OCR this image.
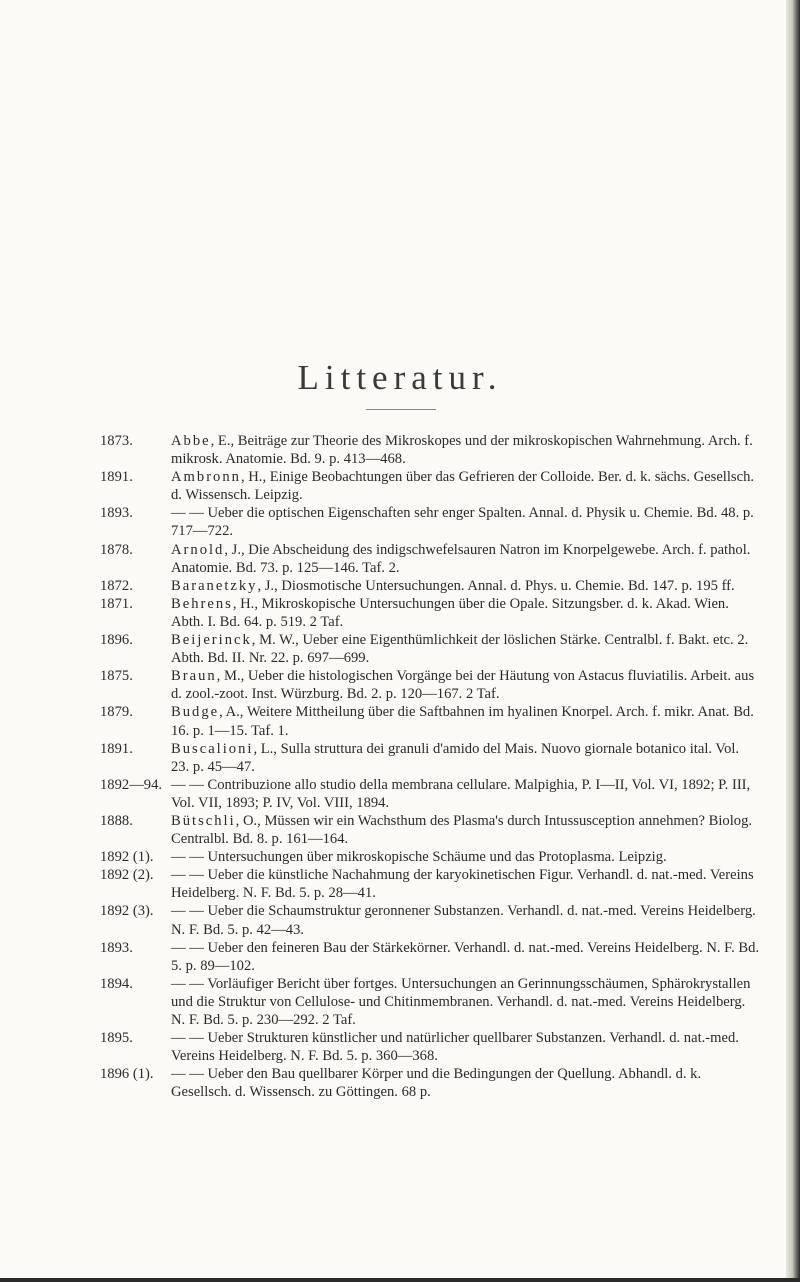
Litteratur.
1873.	Abbe, E., Beiträge zur Theorie des Mikroskopes und der mikroskopischen Wahrnehmung. Arch. f. mikrosk. Anatomie. Bd. 9. p. 413—468.
1891.	Ambronn, H., Einige Beobachtungen über das Gefrieren der Colloide. Ber. d. k. sächs. Gesellsch. d. Wissensch. Leipzig.
1893.	— — Ueber die optischen Eigenschaften sehr enger Spalten. Annal. d. Physik u. Chemie. Bd. 48. p. 717—722.
1878.	Arnold, J., Die Abscheidung des indigschwefelsauren Natron im Knorpelgewebe. Arch. f. pathol. Anatomie. Bd. 73. p. 125—146. Taf. 2.
1872.	Baranetzky, J., Diosmotische Untersuchungen. Annal. d. Phys. u. Chemie. Bd. 147. p. 195 ff.
1871.	Behrens, H., Mikroskopische Untersuchungen über die Opale. Sitzungsber. d. k. Akad. Wien. Abth. I. Bd. 64. p. 519. 2 Taf.
1896.	Beijerinck, M. W., Ueber eine Eigenthümlichkeit der löslichen Stärke. Centralbl. f. Bakt. etc. 2. Abth. Bd. II. Nr. 22. p. 697—699.
1875.	Braun, M., Ueber die histologischen Vorgänge bei der Häutung von Astacus fluviatilis. Arbeit. aus d. zool.-zoot. Inst. Würzburg. Bd. 2. p. 120—167. 2 Taf.
1879.	Budge, A., Weitere Mittheilung über die Saftbahnen im hyalinen Knorpel. Arch. f. mikr. Anat. Bd. 16. p. 1—15. Taf. 1.
1891.	Buscalioni, L., Sulla struttura dei granuli d'amido del Mais. Nuovo giornale botanico ital. Vol. 23. p. 45—47.
1892—94. — — Contribuzione allo studio della membrana cellulare. Malpighia, P. I—II, Vol. VI, 1892; P. III, Vol. VII, 1893; P. IV, Vol. VIII, 1894.
1888.	Bütschli, O., Müssen wir ein Wachsthum des Plasma's durch Intussusception annehmen? Biolog. Centralbl. Bd. 8. p. 161—164.
1892 (1). — — Untersuchungen über mikroskopische Schäume und das Protoplasma. Leipzig.
1892 (2). — — Ueber die künstliche Nachahmung der karyokinetischen Figur. Verhandl. d. nat.-med. Vereins Heidelberg. N. F. Bd. 5. p. 28—41.
1892 (3). — — Ueber die Schaumstruktur geronnener Substanzen. Verhandl. d. nat.-med. Vereins Heidelberg. N. F. Bd. 5. p. 42—43.
1893.	— — Ueber den feineren Bau der Stärkekörner. Verhandl. d. nat.-med. Vereins Heidelberg. N. F. Bd. 5. p. 89—102.
1894.	— — Vorläufiger Bericht über fortges. Untersuchungen an Gerinnungsschäumen, Sphärokrystallen und die Struktur von Cellulose- und Chitinmembranen. Verhandl. d. nat.-med. Vereins Heidelberg. N. F. Bd. 5. p. 230—292. 2 Taf.
1895.	— — Ueber Strukturen künstlicher und natürlicher quellbarer Substanzen. Verhandl. d. nat.-med. Vereins Heidelberg. N. F. Bd. 5. p. 360—368.
1896 (1). — — Ueber den Bau quellbarer Körper und die Bedingungen der Quellung. Abhandl. d. k. Gesellsch. d. Wissensch. zu Göttingen. 68 p.
